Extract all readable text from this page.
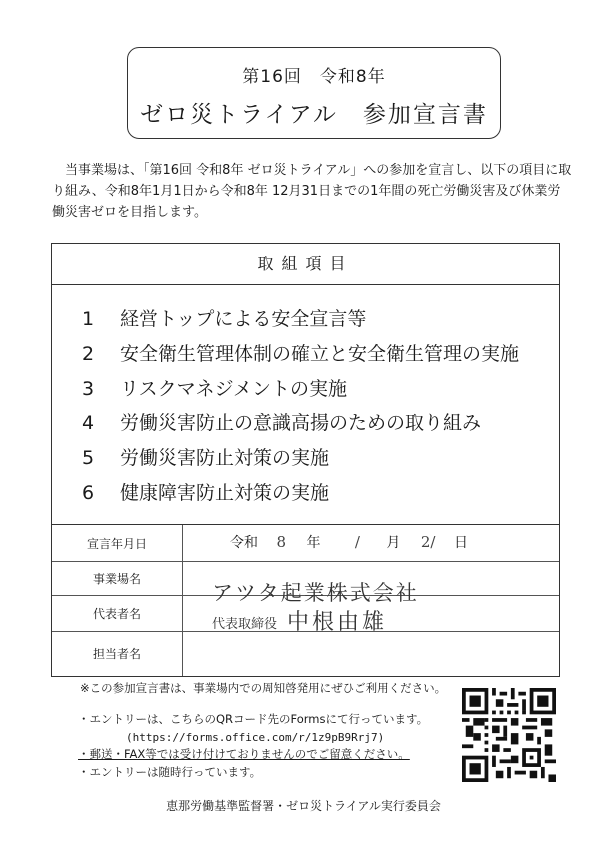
第16回　令和8年
ゼロ災トライアル　参加宣言書
当事業場は、「第16回 令和8年 ゼロ災トライアル」への参加を宣言し、以下の項目に取り組み、令和8年1月1日から令和8年 12月31日までの1年間の死亡労働災害及び休業労働災害ゼロを目指します。
取組項目
1 経営トップによる安全宣言等
2 安全衛生管理体制の確立と安全衛生管理の実施
3 リスクマネジメントの実施
4 労働災害防止の意識高揚のための取り組み
5 労働災害防止対策の実施
6 健康障害防止対策の実施
宣言年月日	令和 8 年 / 月 2/ 日
事業場名
代表者名
アツタ起業株式会社
代表取締役 中根由雄
担当者名
※この参加宣言書は、事業場内での周知啓発用にぜひご利用ください。
・エントリーは、こちらのQRコード先のFormsにて行っています。
(https://forms.office.com/r/1z9pB9Rrj7)
・郵送・FAX等では受け付けておりませんのでご留意ください。
・エントリーは随時行っています。
恵那労働基準監督署・ゼロ災トライアル実行委員会
